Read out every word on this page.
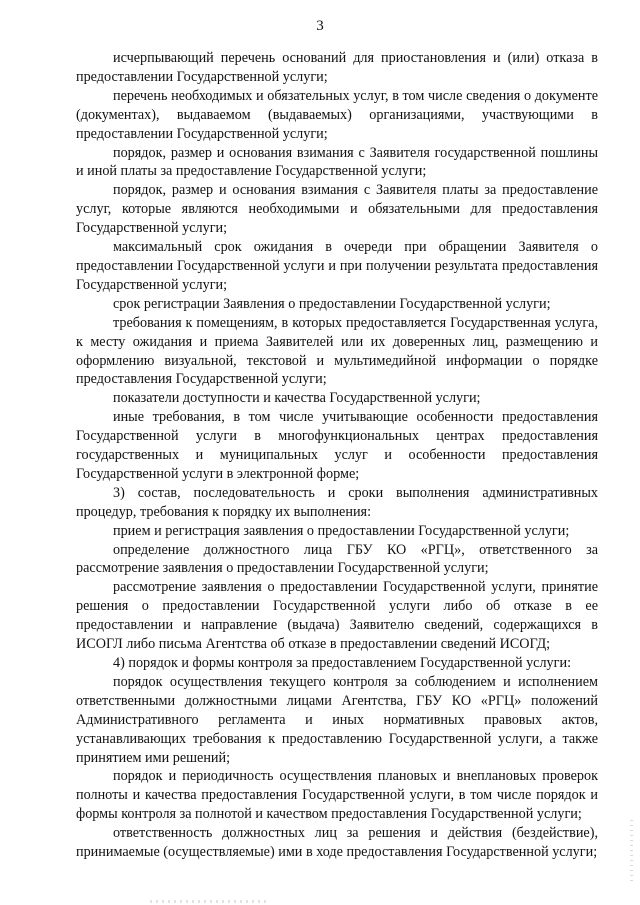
3

исчерпывающий перечень оснований для приостановления и (или) отказа в предоставлении Государственной услуги;

перечень необходимых и обязательных услуг, в том числе сведения о документе (документах), выдаваемом (выдаваемых) организациями, участвующими в предоставлении Государственной услуги;

порядок, размер и основания взимания с Заявителя государственной пошлины и иной платы за предоставление Государственной услуги;

порядок, размер и основания взимания с Заявителя платы за предоставление услуг, которые являются необходимыми и обязательными для предоставления Государственной услуги;

максимальный срок ожидания в очереди при обращении Заявителя о предоставлении Государственной услуги и при получении результата предоставления Государственной услуги;

срок регистрации Заявления о предоставлении Государственной услуги;

требования к помещениям, в которых предоставляется Государственная услуга, к месту ожидания и приема Заявителей или их доверенных лиц, размещению и оформлению визуальной, текстовой и мультимедийной информации о порядке предоставления Государственной услуги;

показатели доступности и качества Государственной услуги;

иные требования, в том числе учитывающие особенности предоставления Государственной услуги в многофункциональных центрах предоставления государственных и муниципальных услуг и особенности предоставления Государственной услуги в электронной форме;

3) состав, последовательность и сроки выполнения административных процедур, требования к порядку их выполнения:

прием и регистрация заявления о предоставлении Государственной услуги;

определение должностного лица ГБУ КО «РГЦ», ответственного за рассмотрение заявления о предоставлении Государственной услуги;

рассмотрение заявления о предоставлении Государственной услуги, принятие решения о предоставлении Государственной услуги либо об отказе в ее предоставлении и направление (выдача) Заявителю сведений, содержащихся в ИСОГЛ либо письма Агентства об отказе в предоставлении сведений ИСОГД;

4) порядок и формы контроля за предоставлением Государственной услуги:

порядок осуществления текущего контроля за соблюдением и исполнением ответственными должностными лицами Агентства, ГБУ КО «РГЦ» положений Административного регламента и иных нормативных правовых актов, устанавливающих требования к предоставлению Государственной услуги, а также принятием ими решений;

порядок и периодичность осуществления плановых и внеплановых проверок полноты и качества предоставления Государственной услуги, в том числе порядок и формы контроля за полнотой и качеством предоставления Государственной услуги;

ответственность должностных лиц за решения и действия (бездействие), принимаемые (осуществляемые) ими в ходе предоставления Государственной услуги;
